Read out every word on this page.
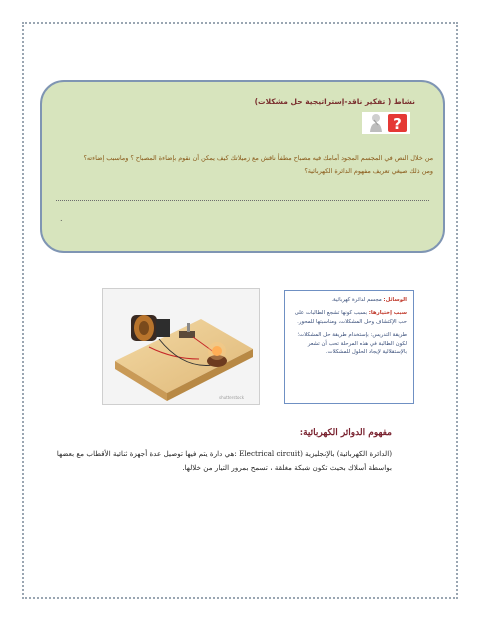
نشاط ( تفكير ناقد-إستراتيجية حل مشكلات)
?
من خلال النص في المجسم المجود أمامك فيه مصباح مطفأ ناقش مع زميلاتك كيف يمكن أن نقوم بإضاءة المصباح ؟ وماسبب إضاءته؟
ومن ذلك صيغي تعريف مفهوم الدائرة الكهربائية؟
.
shutterstock

الوسائل: مجسم لدائرة كهربائية.

سبب إختيارها: بسبب كونها تشجع الطالبات على حب الإكتشاف وحل المشكلات، ومناسبتها للمحور.

طريقة التدريس: بإستخدام طريقة حل المشكلات؛لكون الطالبة في هذه المرحلة تحب أن تشعر بالإستقلالية لإيجاد الحلول للمشكلات.

مفهوم الدوائر الكهربائية:
(الدائرة الكهربائية) بالإنجليزية (Electrical circuit :هي دارة يتم فيها توصيل عدة أجهزة ثنائية الأقطاب مع بعضها بواسطة أسلاك بحيث تكون شبكة مغلقة ، تسمح بمرور التيار من خلالها.
